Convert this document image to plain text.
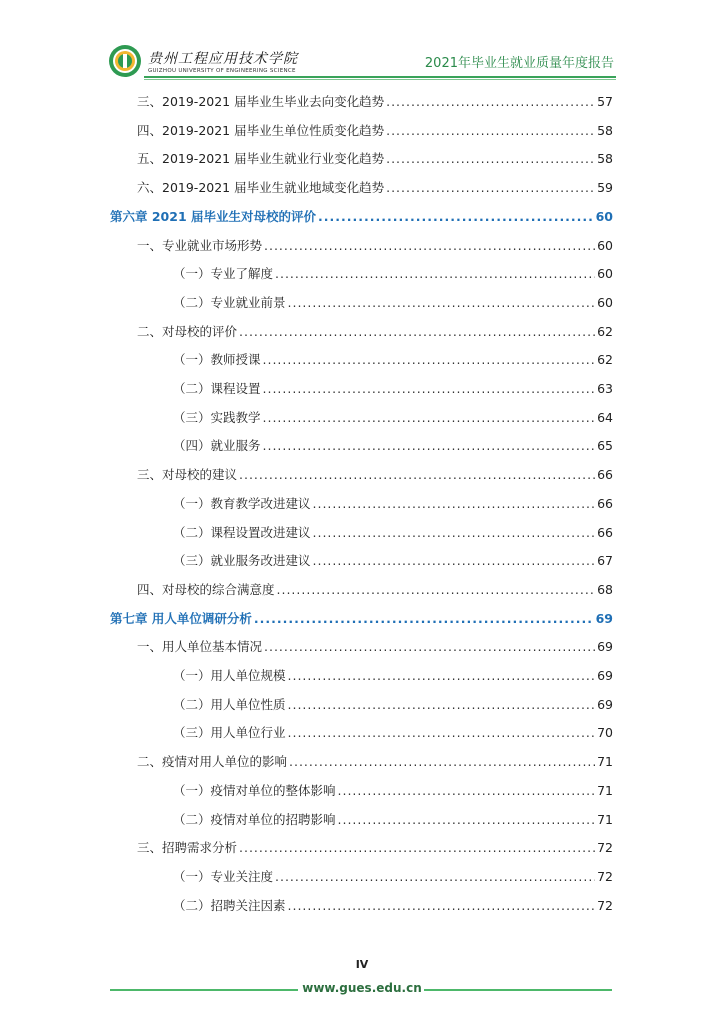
贵州工程应用技术学院
GUIZHOU UNIVERSITY OF ENGINEERING SCIENCE	2021年毕业生就业质量年度报告
三、2019-2021 届毕业生毕业去向变化趋势 .....	57
四、2019-2021 届毕业生单位性质变化趋势 .....	58
五、2019-2021 届毕业生就业行业变化趋势 .....	58
六、2019-2021 届毕业生就业地域变化趋势 .....	59
第六章 2021 届毕业生对母校的评价 .....	60
一、专业就业市场形势 .....	60
（一）专业了解度 .....	60
（二）专业就业前景 .....	60
二、对母校的评价 .....	62
（一）教师授课 .....	62
（二）课程设置 .....	63
（三）实践教学 .....	64
（四）就业服务 .....	65
三、对母校的建议 .....	66
（一）教育教学改进建议 .....	66
（二）课程设置改进建议 .....	66
（三）就业服务改进建议 .....	67
四、对母校的综合满意度 .....	68
第七章 用人单位调研分析 .....	69
一、用人单位基本情况 .....	69
（一）用人单位规模 .....	69
（二）用人单位性质 .....	69
（三）用人单位行业 .....	70
二、疫情对用人单位的影响 .....	71
（一）疫情对单位的整体影响 .....	71
（二）疫情对单位的招聘影响 .....	71
三、招聘需求分析 .....	72
（一）专业关注度 .....	72
（二）招聘关注因素 .....	72
IV
www.gues.edu.cn
